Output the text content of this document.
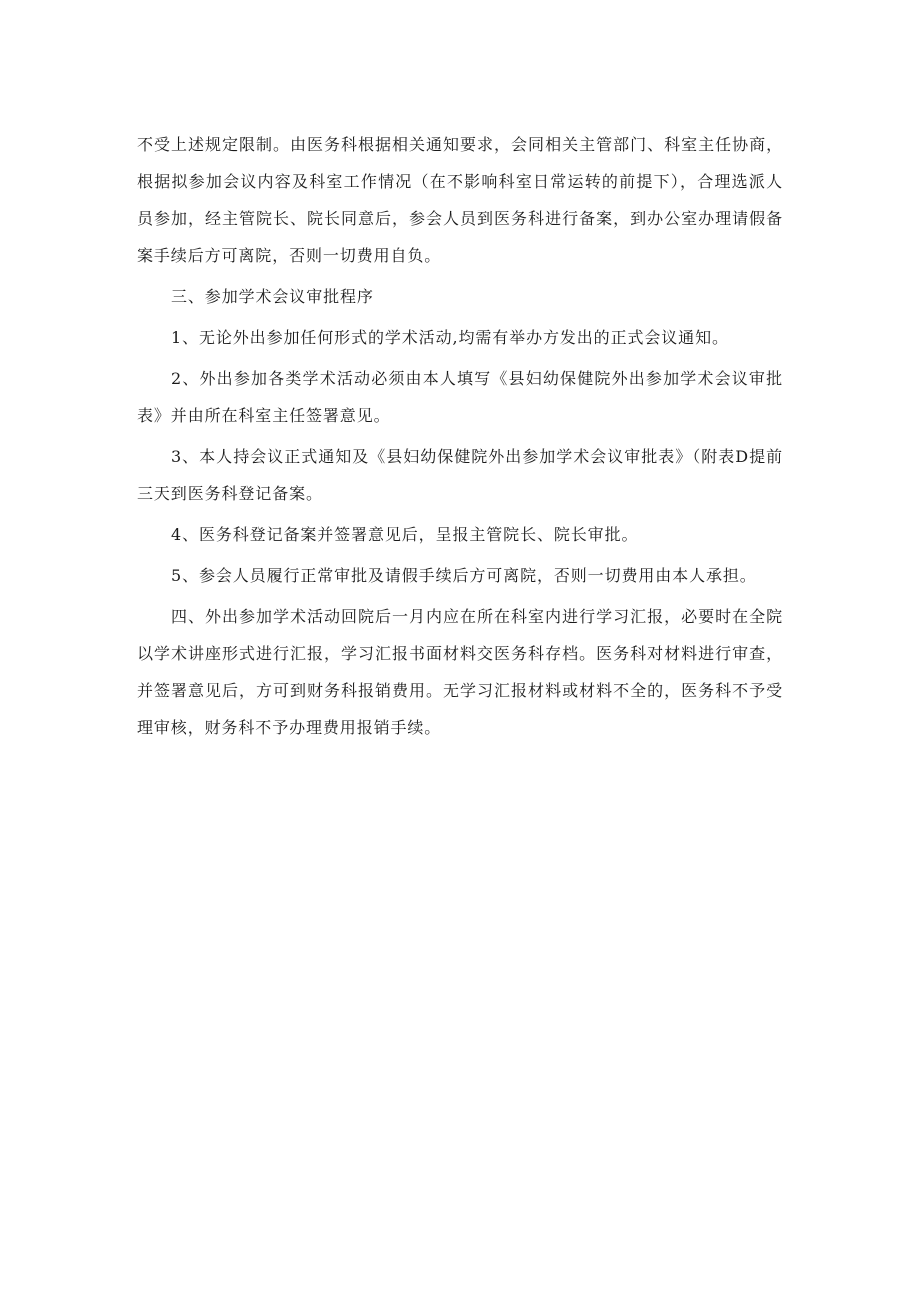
不受上述规定限制。由医务科根据相关通知要求，会同相关主管部门、科室主任协商，根据拟参加会议内容及科室工作情况（在不影响科室日常运转的前提下），合理选派人员参加，经主管院长、院长同意后，参会人员到医务科进行备案，到办公室办理请假备案手续后方可离院，否则一切费用自负。

三、参加学术会议审批程序

1、无论外出参加任何形式的学术活动,均需有举办方发出的正式会议通知。

2、外出参加各类学术活动必须由本人填写《县妇幼保健院外出参加学术会议审批表》并由所在科室主任签署意见。

3、本人持会议正式通知及《县妇幼保健院外出参加学术会议审批表》（附表D提前三天到医务科登记备案。

4、医务科登记备案并签署意见后，呈报主管院长、院长审批。

5、参会人员履行正常审批及请假手续后方可离院，否则一切费用由本人承担。

四、外出参加学术活动回院后一月内应在所在科室内进行学习汇报，必要时在全院以学术讲座形式进行汇报，学习汇报书面材料交医务科存档。医务科对材料进行审查，并签署意见后，方可到财务科报销费用。无学习汇报材料或材料不全的，医务科不予受理审核，财务科不予办理费用报销手续。
